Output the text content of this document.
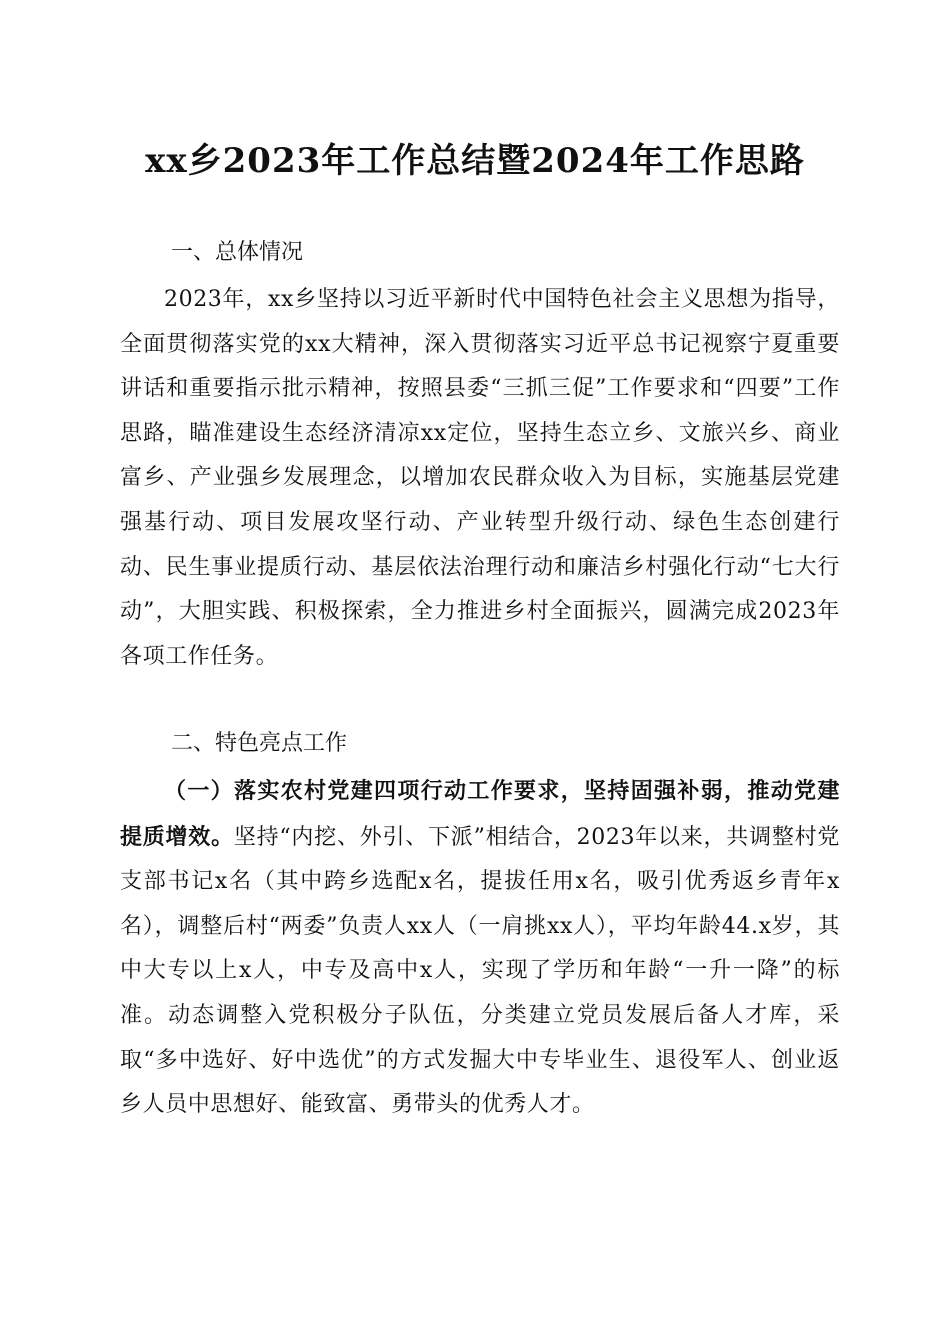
xx乡2023年工作总结暨2024年工作思路
一、总体情况
2023年，xx乡坚持以习近平新时代中国特色社会主义思想为指导，全面贯彻落实党的xx大精神，深入贯彻落实习近平总书记视察宁夏重要讲话和重要指示批示精神，按照县委“三抓三促”工作要求和“四要”工作思路，瞄准建设生态经济清凉xx定位，坚持生态立乡、文旅兴乡、商业富乡、产业强乡发展理念，以增加农民群众收入为目标，实施基层党建强基行动、项目发展攻坚行动、产业转型升级行动、绿色生态创建行动、民生事业提质行动、基层依法治理行动和廉洁乡村强化行动“七大行动”，大胆实践、积极探索，全力推进乡村全面振兴，圆满完成2023年各项工作任务。
二、特色亮点工作
（一）落实农村党建四项行动工作要求，坚持固强补弱，推动党建提质增效。坚持“内挖、外引、下派”相结合，2023年以来，共调整村党支部书记x名（其中跨乡选配x名，提拔任用x名，吸引优秀返乡青年x名），调整后村“两委”负责人xx人（一肩挑xx人），平均年龄44.x岁，其中大专以上x人，中专及高中x人，实现了学历和年龄“一升一降”的标准。动态调整入党积极分子队伍，分类建立党员发展后备人才库，采取“多中选好、好中选优”的方式发掘大中专毕业生、退役军人、创业返乡人员中思想好、能致富、勇带头的优秀人才。
